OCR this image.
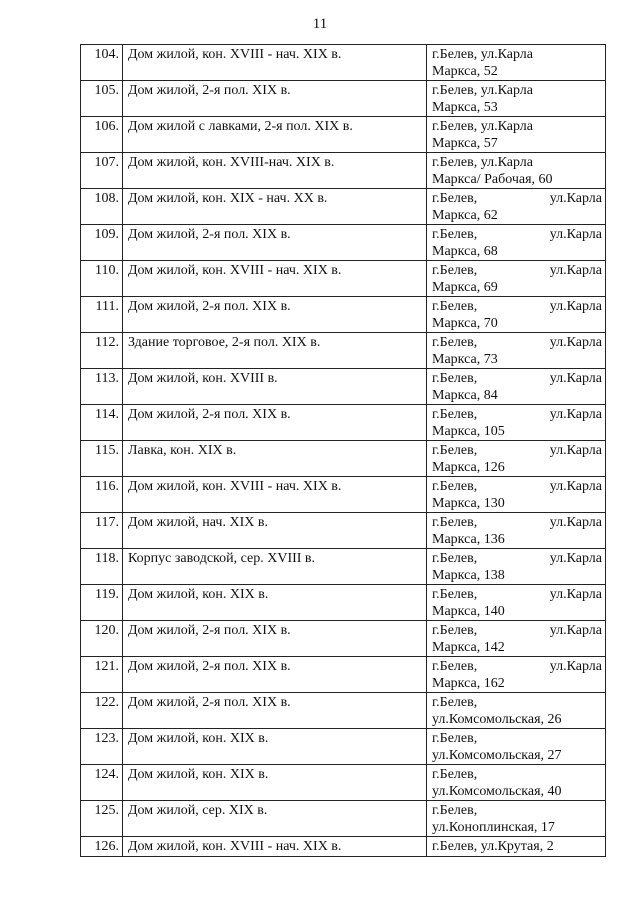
11
104.	Дом жилой, кон. XVIII - нач. XIX в.	г.Белев, ул.Карла
Маркса, 52

105.	Дом жилой, 2-я пол. XIX в.	г.Белев, ул.Карла
Маркса, 53

106.	Дом жилой с лавками, 2-я пол. XIX в.	г.Белев, ул.Карла
Маркса, 57

107.	Дом жилой, кон. XVIII-нач. XIX в.	г.Белев, ул.Карла
Маркса/ Рабочая, 60

108.	Дом жилой, кон. XIX - нач. XX в.	г.Белев, ул.Карла
Маркса, 62

109.	Дом жилой, 2-я пол. XIX в.	г.Белев, ул.Карла
Маркса, 68

110.	Дом жилой, кон. XVIII - нач. XIX в.	г.Белев, ул.Карла
Маркса, 69

111.	Дом жилой, 2-я пол. XIX в.	г.Белев, ул.Карла
Маркса, 70

112.	Здание торговое, 2-я пол. XIX в.	г.Белев, ул.Карла
Маркса, 73

113.	Дом жилой, кон. XVIII в.	г.Белев, ул.Карла
Маркса, 84

114.	Дом жилой, 2-я пол. XIX в.	г.Белев, ул.Карла
Маркса, 105

115.	Лавка, кон. XIX в.	г.Белев, ул.Карла
Маркса, 126

116.	Дом жилой, кон. XVIII - нач. XIX в.	г.Белев, ул.Карла
Маркса, 130

117.	Дом жилой, нач. XIX в.	г.Белев, ул.Карла
Маркса, 136

118.	Корпус заводской, сер. XVIII в.	г.Белев, ул.Карла
Маркса, 138

119.	Дом жилой, кон. XIX в.	г.Белев, ул.Карла
Маркса, 140

120.	Дом жилой, 2-я пол. XIX в.	г.Белев, ул.Карла
Маркса, 142

121.	Дом жилой, 2-я пол. XIX в.	г.Белев, ул.Карла
Маркса, 162

122.	Дом жилой, 2-я пол. XIX в.	г.Белев,
ул.Комсомольская, 26

123.	Дом жилой, кон. XIX в.	г.Белев,
ул.Комсомольская, 27

124.	Дом жилой, кон. XIX в.	г.Белев,
ул.Комсомольская, 40

125.	Дом жилой, сер. XIX в.	г.Белев,
ул.Коноплинская, 17

126.	Дом жилой, кон. XVIII - нач. XIX в.	г.Белев, ул.Крутая, 2
